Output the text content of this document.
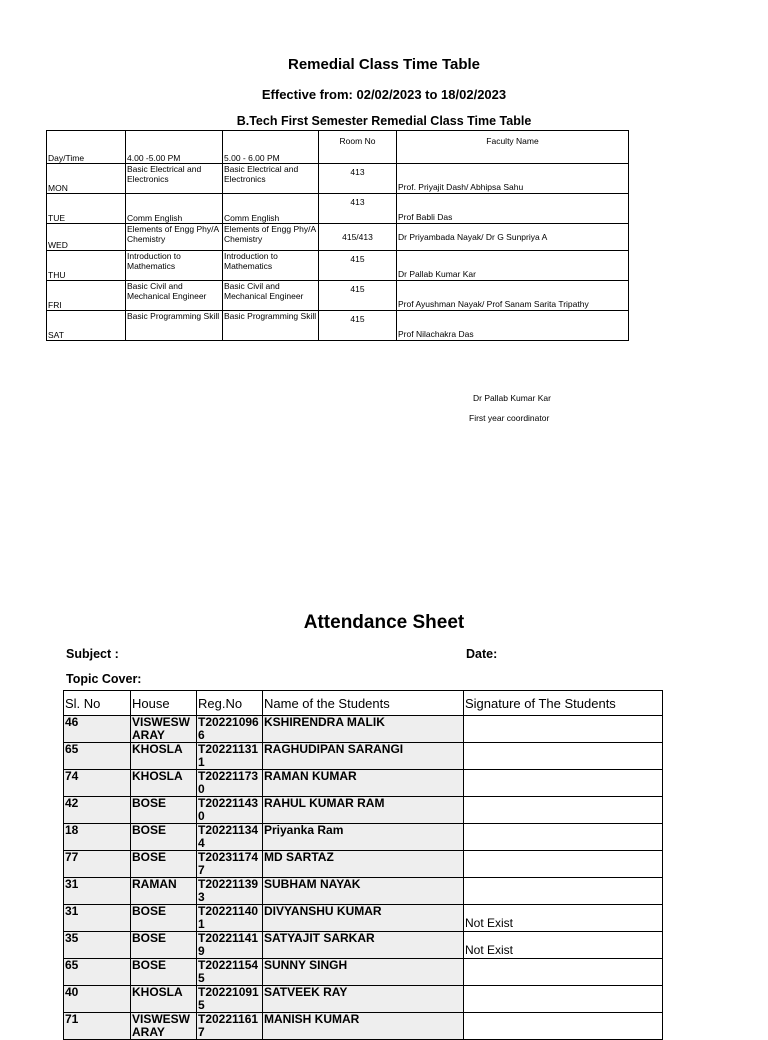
Remedial Class Time Table
Effective from: 02/02/2023 to 18/02/2023
B.Tech First Semester Remedial Class Time Table
Day/Time	4.00 -5.00 PM	5.00 - 6.00 PM	Room No	Faculty Name
MON	Basic Electrical and Electronics	Basic Electrical and Electronics	413	Prof. Priyajit Dash/ Abhipsa Sahu
TUE	Comm English	Comm English	413	Prof Babli Das
WED	Elements of Engg Phy/A Chemistry	Elements of Engg Phy/A Chemistry	415/413	Dr Priyambada Nayak/ Dr G Sunpriya A
THU	Introduction to Mathematics	Introduction to Mathematics	415	Dr Pallab Kumar Kar
FRI	Basic Civil and Mechanical Engineer	Basic Civil and Mechanical Engineer	415	Prof Ayushman Nayak/ Prof Sanam Sarita Tripathy
SAT	Basic Programming Skill	Basic Programming Skill	415	Prof Nilachakra Das
Dr Pallab Kumar Kar
First year coordinator
Attendance Sheet
Subject :	Date:
Topic Cover:
Sl. No	House	Reg.No	Name of the Students	Signature of The Students
46	VISWESWARAY	T202210966	KSHIRENDRA MALIK	
65	KHOSLA	T202211311	RAGHUDIPAN SARANGI	
74	KHOSLA	T202211730	RAMAN KUMAR	
42	BOSE	T202211430	RAHUL KUMAR RAM	
18	BOSE	T202211344	Priyanka Ram	
77	BOSE	T202311747	MD SARTAZ	
31	RAMAN	T202211393	SUBHAM NAYAK	
31	BOSE	T202211401	DIVYANSHU KUMAR	Not Exist
35	BOSE	T202211419	SATYAJIT SARKAR	Not Exist
65	BOSE	T202211545	SUNNY SINGH	
40	KHOSLA	T202210915	SATVEEK RAY	
71	VISWESWARAY	T202211617	MANISH KUMAR	
